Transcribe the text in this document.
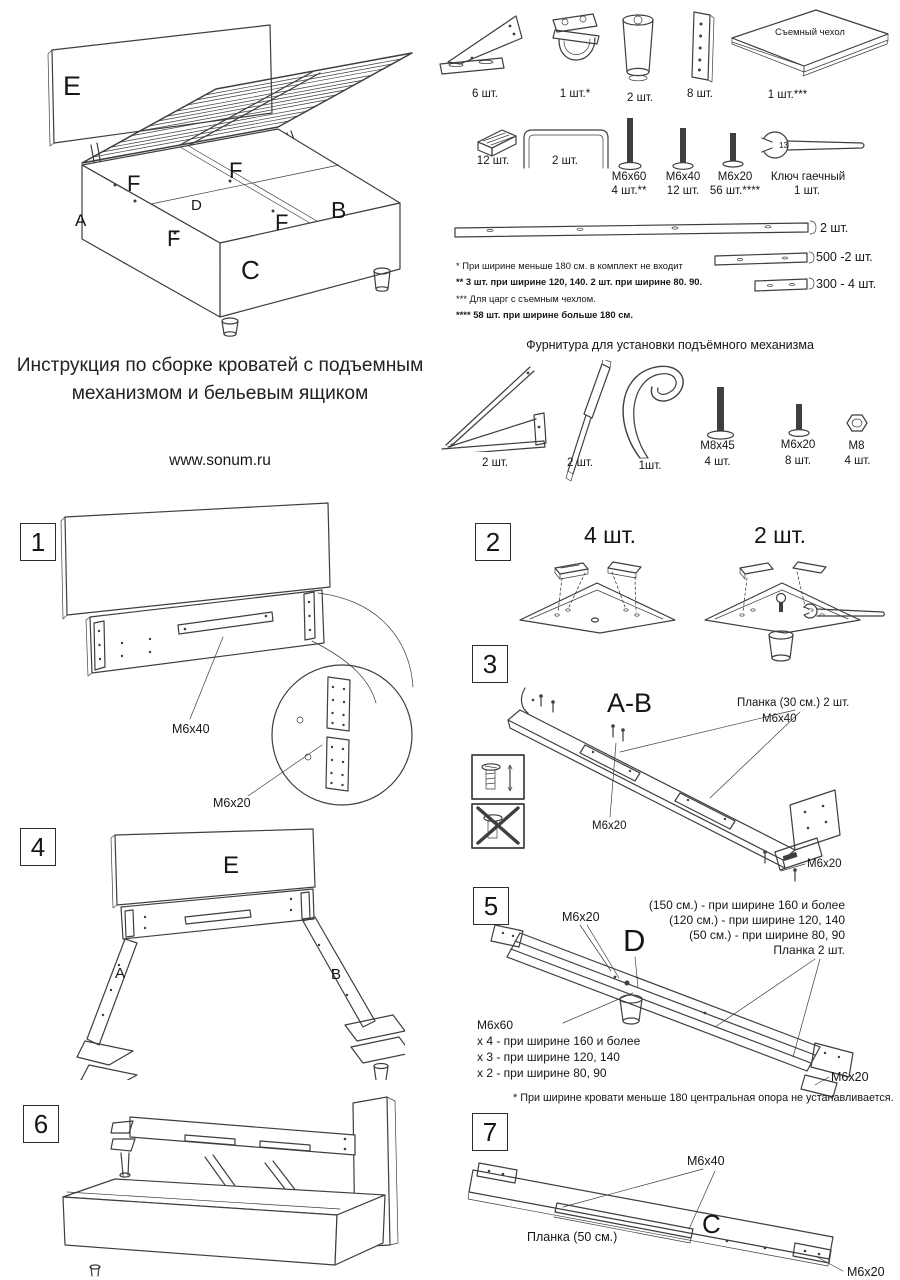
E
F
F
F
F
D
A	B
C
6 шт.	1 шт.*	2 шт.	8 шт.
Съемный чехол
1 шт.***
12 шт.	2 шт.
M6x60
4 шт.**
M6x40
12 шт.
M6x20
56 шт.****
13
Ключ гаечный
1 шт.
2 шт.
500 -2 шт.
300 - 4 шт.
* При ширине меньше 180 см. в комплект не входит
** 3 шт. при ширине 120, 140. 2 шт. при ширине 80. 90.
*** Для царг с съемным чехлом.
**** 58 шт. при ширине больше 180 см.
Фурнитура для установки подъёмного механизма
2 шт.	2 шт.	1шт.
M8x45
4 шт.
M6x20
8 шт.
M8
4 шт.
Инструкция по сборке кроватей с подъемным
механизмом и бельевым ящиком
www.sonum.ru
1	2
3
4
5
6	7
M6x40
M6x20
4 шт.	2 шт.
А-В	Планка (30 см.) 2 шт.
M6x40
M6x20
M6x20
Е
А	В
M6x20
D
(150 см.) - при ширине 160 и более
(120 см.) - при ширине 120, 140
(50 см.) - при ширине 80, 90
Планка 2 шт.
M6x60
х 4 - при ширине 160 и более
х 3 - при ширине 120, 140
х 2 - при ширине 80, 90	M6x20
* При ширине кровати меньше 180 центральная опора не устанавливается.
M6x40
С
Планка (50 см.)
M6x20
